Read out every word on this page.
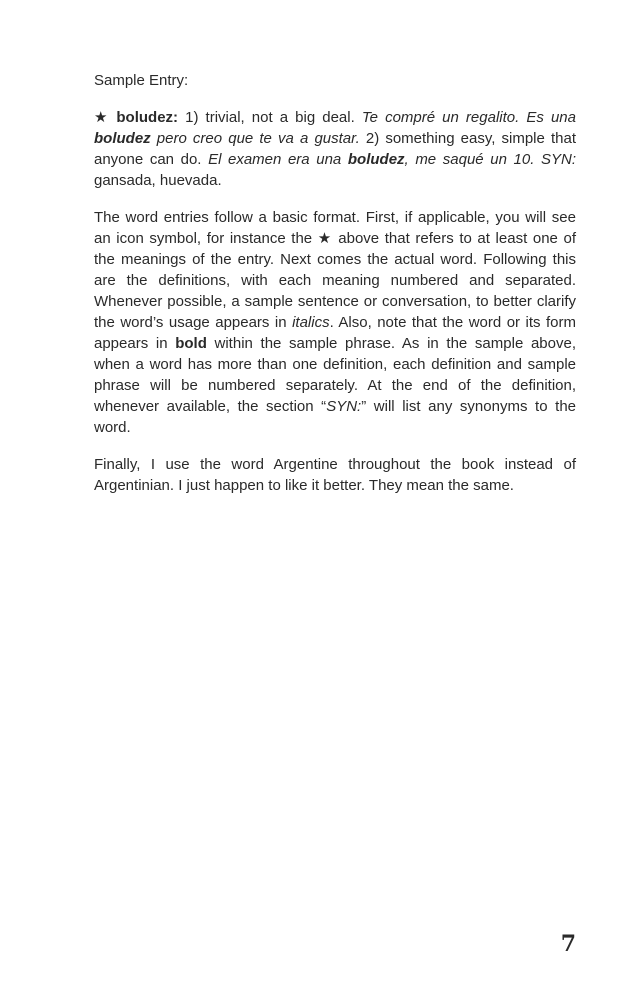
Sample Entry:

★ boludez: 1) trivial, not a big deal. Te compré un regalito. Es una boludez pero creo que te va a gustar. 2) something easy, simple that anyone can do. El examen era una boludez, me saqué un 10. SYN: gansada, huevada.

The word entries follow a basic format. First, if applicable, you will see an icon symbol, for instance the ★ above that refers to at least one of the meanings of the entry. Next comes the actual word. Following this are the definitions, with each meaning numbered and separated. Whenever possible, a sample sentence or conversation, to better clarify the word’s usage appears in italics. Also, note that the word or its form appears in bold within the sample phrase. As in the sample above, when a word has more than one definition, each definition and sample phrase will be numbered separately. At the end of the definition, whenever available, the section “SYN:” will list any synonyms to the word.

Finally, I use the word Argentine throughout the book instead of Argentinian. I just happen to like it better. They mean the same.

7
